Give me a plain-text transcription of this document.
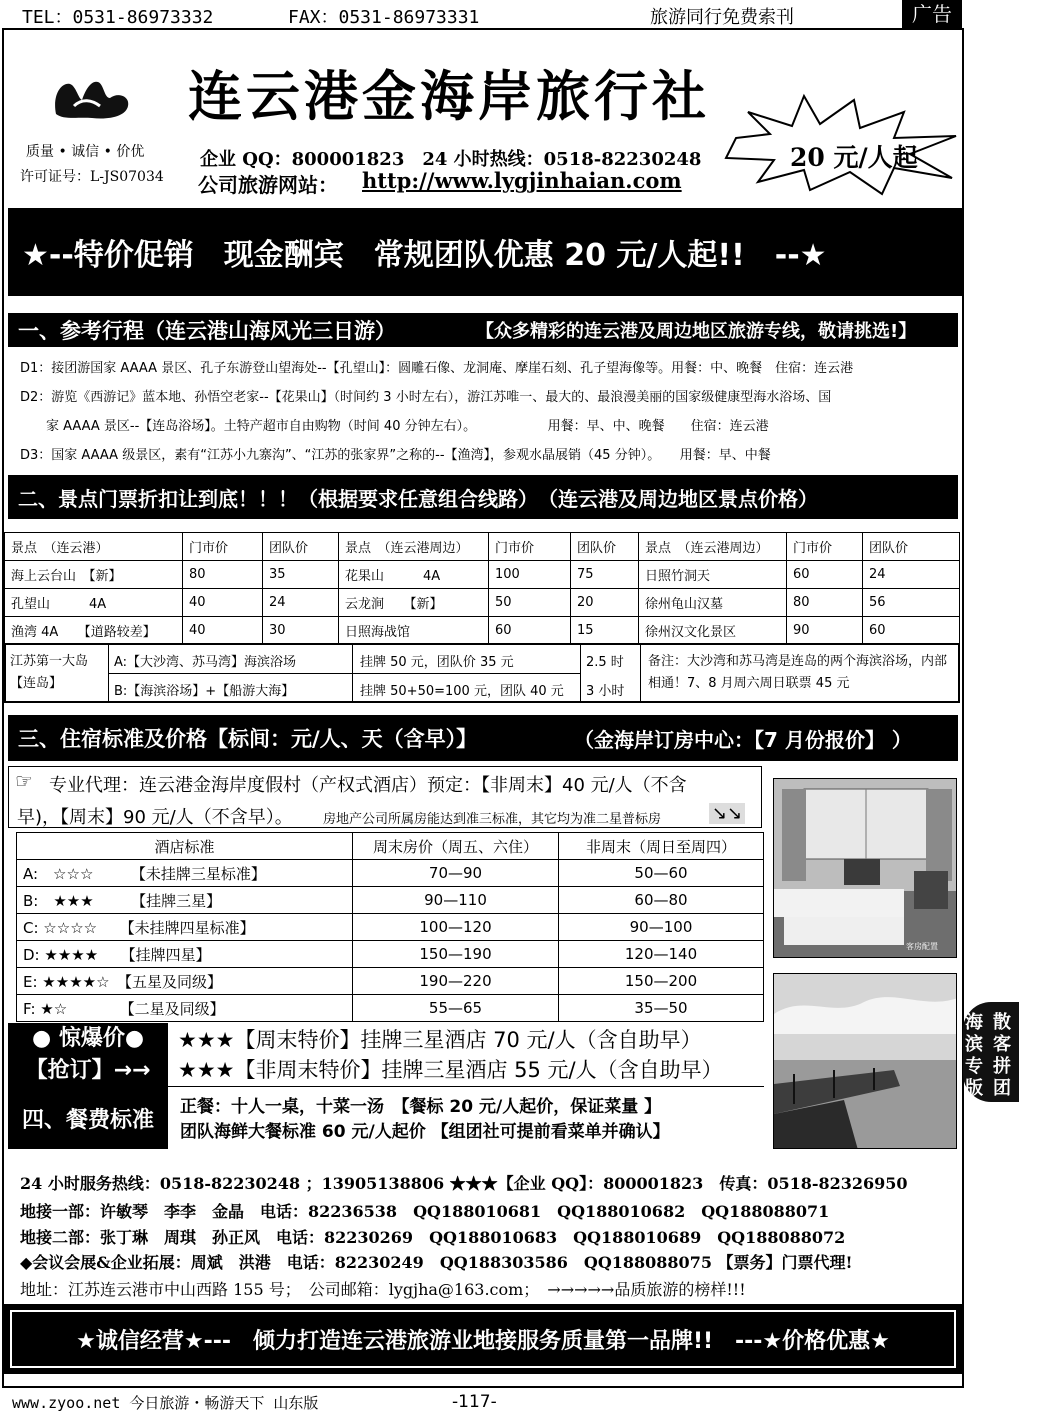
TEL：0531-86973332	FAX：0531-86973331	旅游同行免费索刊	广告
连云港金海岸旅行社
质量 • 诚信 • 价优
许可证号：L-JS07034
企业 QQ：800001823　24 小时热线：0518-82230248
公司旅游网站： http://www.lygjinhaian.com
20 元/人起
★--特价促销　现金酬宾　常规团队优惠 20 元/人起!!　--★
一、参考行程（连云港山海风光三日游）	【众多精彩的连云港及周边地区旅游专线，敬请挑选!】
D1：接团游国家 AAAA 景区、孔子东游登山望海处--【孔望山】：圆雕石像、龙洞庵、摩崖石刻、孔子望海像等。用餐：中、晚餐　住宿：连云港
D2：游览《西游记》蓝本地、孙悟空老家--【花果山】（时间约 3 小时左右），游江苏唯一、最大的、最浪漫美丽的国家级健康型海水浴场、国
　　家 AAAA 景区--【连岛浴场】。土特产超市自由购物（时间 40 分钟左右）。　　　　　　用餐：早、中、晚餐　　住宿：连云港
D3：国家 AAAA 级景区，素有“江苏小九寨沟”、“江苏的张家界”之称的--【渔湾】，参观水晶展销（45 分钟）。　　用餐：早、中餐
二、景点门票折扣让到底！！！（根据要求任意组合线路）　（连云港及周边地区景点价格）
景点　（连云港）	门市价	团队价	景点　（连云港周边）	门市价	团队价	景点　（连云港周边）	门市价	团队价
海上云台山　【新】	80	35	花果山　　　4A	100	75	日照竹洞天	60	24
孔望山　　　4A	40	24	云龙涧　　【新】	50	20	徐州龟山汉墓	80	56
渔湾 4A　　【道路较差】	40	30	日照海战馆	60	15	徐州汉文化景区	90	60
江苏第一大岛【连岛】
A:【大沙湾、苏马湾】海滨浴场	挂牌 50 元，团队价 35 元	2.5 时
B:【海滨浴场】+【船游大海】	挂牌 50+50=100 元，团队 40 元 3 小时
备注：大沙湾和苏马湾是连岛的两个海滨浴场，内部相通！7、8 月周六周日联票 45 元
三、住宿标准及价格【标间：元/人、天（含早）】	（金海岸订房中心：【7 月份报价】 ）
☞ 专业代理：连云港金海岸度假村（产权式酒店）预定：【非周末】40 元/人（不含
早)，【周末】90 元/人（不含早）。 房地产公司所属房能达到准三标准，其它均为准二星普标房	↘↘
酒店标准	周末房价（周五、六住）	非周末（周日至周四）
A:　☆☆☆　　　【未挂牌三星标准】	70—90	50—60
B:　★★★　　　【挂牌三星】	90—110	60—80
C: ☆☆☆☆　　【未挂牌四星标准】	100—120	90—100
D: ★★★★　　【挂牌四星】	150—190	120—140
E: ★★★★☆　【五星及同级】	190—220	150—200
F: ★☆　　　　【二星及同级】	55—65	35—50
客房配置
海滨专版
散客拼团
● 惊爆价●
【抢订】→→
★★★【周末特价】挂牌三星酒店 70 元/人（含自助早）
★★★【非周末特价】挂牌三星酒店 55 元/人（含自助早）
四、餐费标准
正餐：十人一桌，十菜一汤　【餐标 20 元/人起价，保证菜量 】
团队海鲜大餐标准 60 元/人起价 【组团社可提前看菜单并确认】
24 小时服务热线：0518-82230248 ；13905138806 ★★★【企业 QQ】：800001823　传真：0518-82326950
地接一部：许敏琴　李李　金晶　电话：82236538　QQ188010681　QQ188010682　QQ188088071
地接二部：张丁琳　周琪　孙正风　电话：82230269　QQ188010683　QQ188010689　QQ188088072
◆会议会展&企业拓展：周斌　洪港　电话：82230249　QQ188303586　QQ188088075 【票务】门票代理!
地址：江苏连云港市中山西路 155 号；　公司邮箱：lygjha@163.com；　→→→→→品质旅游的榜样!!!
★诚信经营★---　倾力打造连云港旅游业地接服务质量第一品牌!!　---★价格优惠★
www.zyoo.net 今日旅游・畅游天下 山东版	-117-
